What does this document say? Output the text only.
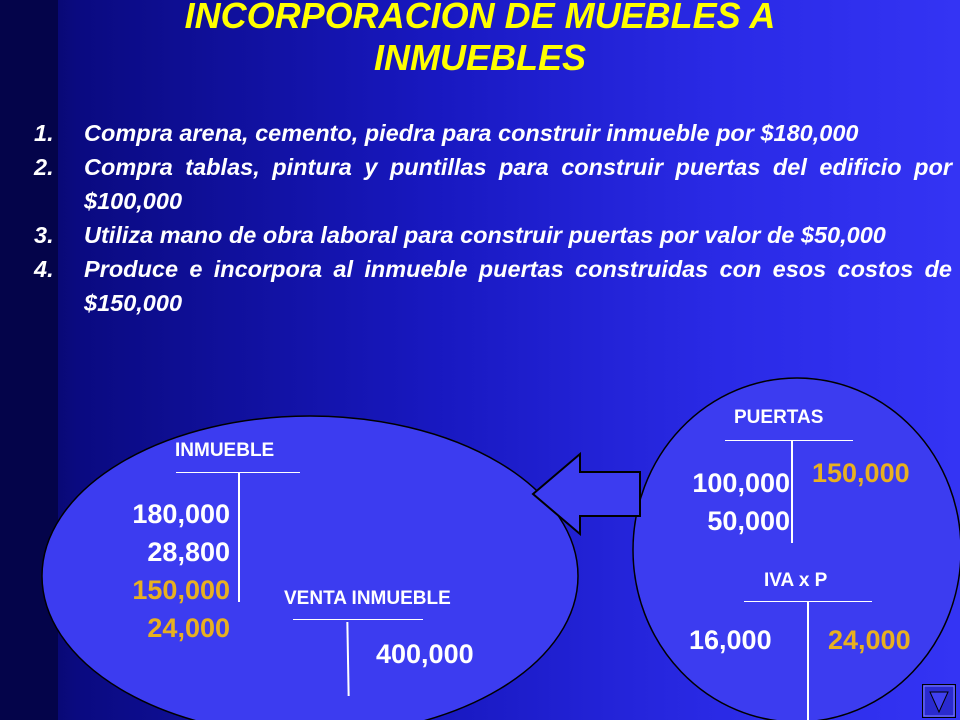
INCORPORACION DE MUEBLES A
INMUEBLES
1. Compra arena, cemento, piedra para construir inmueble por $180,000
2. Compra tablas, pintura y puntillas para construir puertas del edificio por $100,000
3. Utiliza mano de obra laboral para construir puertas por valor de $50,000
4. Produce e incorpora al inmueble puertas construidas con esos costos de $150,000
INMUEBLE
180,000
28,800
150,000
24,000
VENTA INMUEBLE
400,000
PUERTAS
100,000
50,000
150,000
IVA x P
16,000 24,000
